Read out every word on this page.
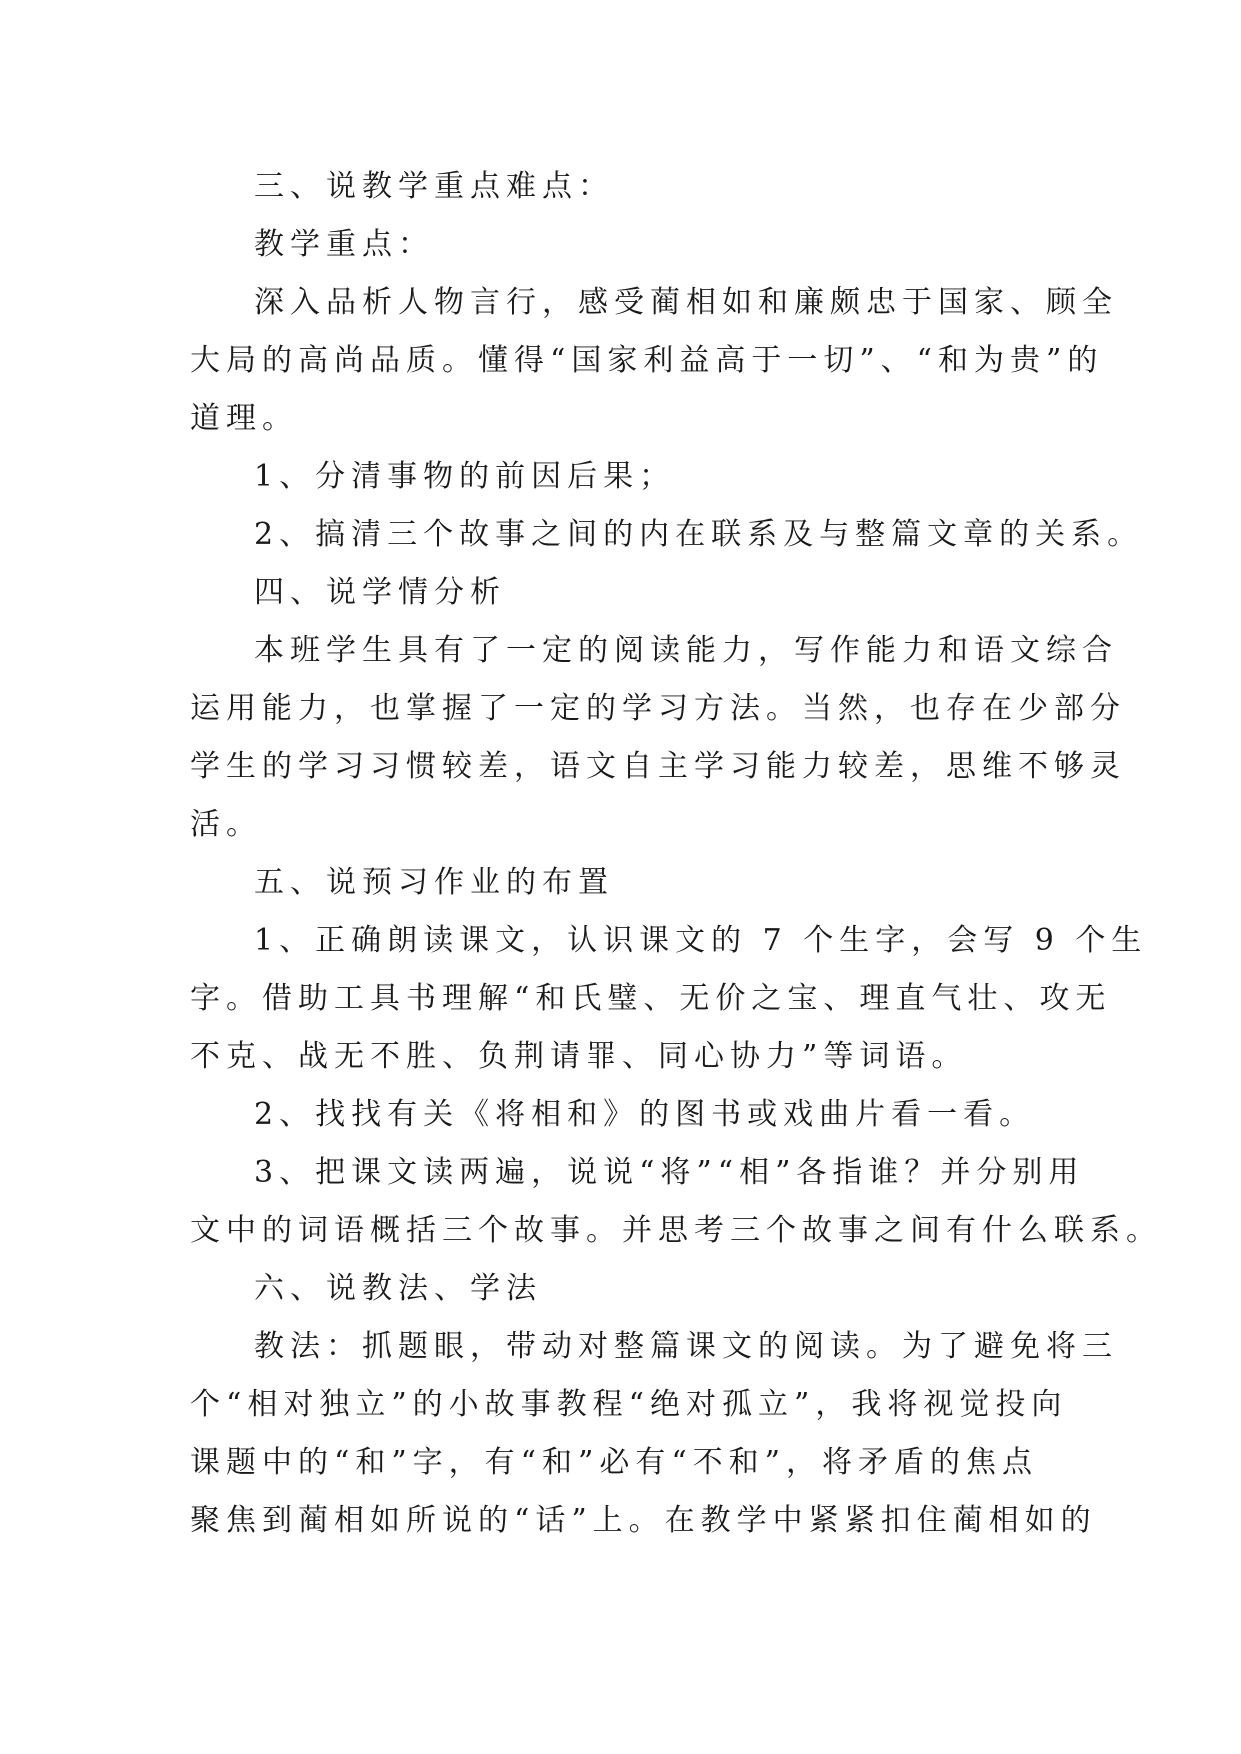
三、说教学重点难点：
教学重点：
深入品析人物言行，感受蔺相如和廉颇忠于国家、顾全
大局的高尚品质。懂得“国家利益高于一切”、“和为贵”的
道理。
1、分清事物的前因后果；
2、搞清三个故事之间的内在联系及与整篇文章的关系。
四、说学情分析
本班学生具有了一定的阅读能力，写作能力和语文综合
运用能力，也掌握了一定的学习方法。当然，也存在少部分
学生的学习习惯较差，语文自主学习能力较差，思维不够灵
活。
五、说预习作业的布置
1、正确朗读课文，认识课文的 7 个生字，会写 9 个生
字。借助工具书理解“和氏璧、无价之宝、理直气壮、攻无
不克、战无不胜、负荆请罪、同心协力”等词语。
2、找找有关《将相和》的图书或戏曲片看一看。
3、把课文读两遍，说说“将”“相”各指谁？并分别用
文中的词语概括三个故事。并思考三个故事之间有什么联系。
六、说教法、学法
教法：抓题眼，带动对整篇课文的阅读。为了避免将三
个“相对独立”的小故事教程“绝对孤立”，我将视觉投向
课题中的“和”字，有“和”必有“不和”，将矛盾的焦点
聚焦到蔺相如所说的“话”上。在教学中紧紧扣住蔺相如的
